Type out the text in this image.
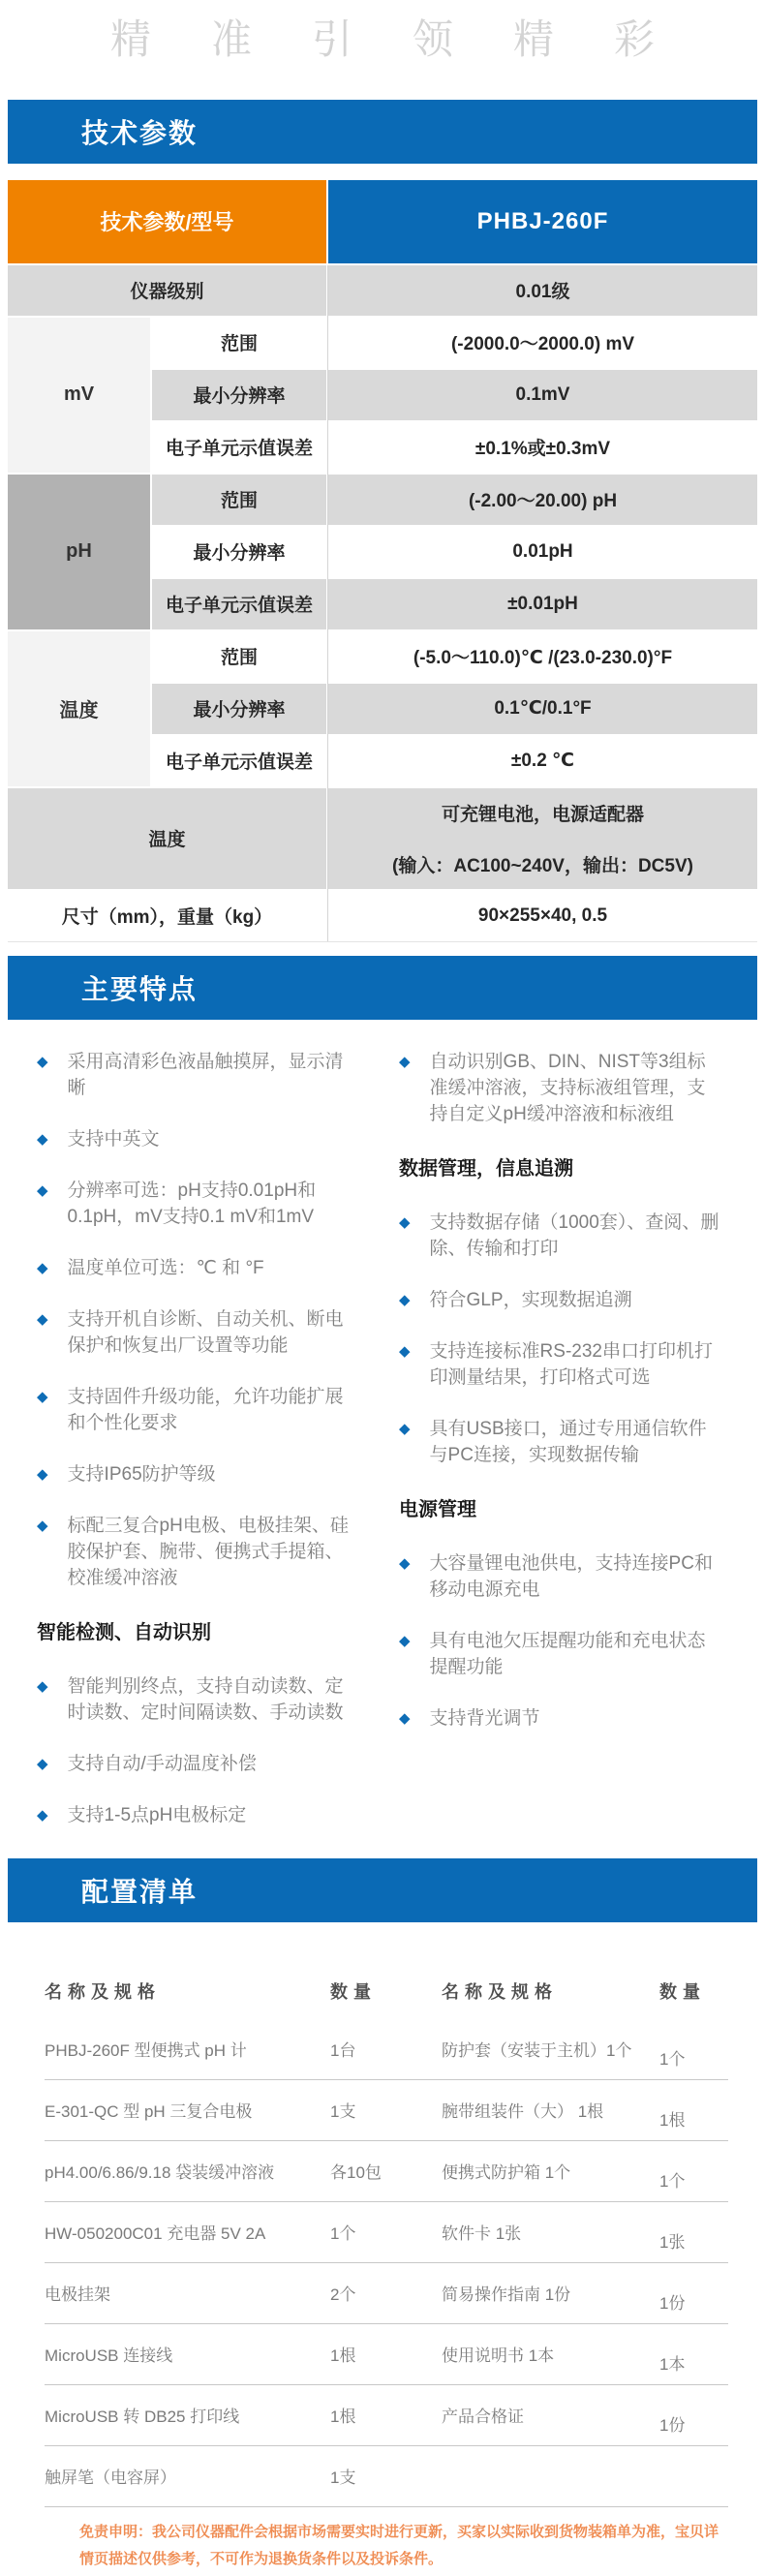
精准引领精彩
技术参数
技术参数/型号	PHBJ-260F
仪器级别	0.01级
mV
范围	(-2000.0～2000.0) mV
最小分辨率	0.1mV
电子单元示值误差	±0.1%或±0.3mV
pH
范围	(-2.00～20.00) pH
最小分辨率	0.01pH
电子单元示值误差	±0.01pH
温度
范围	(-5.0～110.0)℃ /(23.0-230.0)°F
最小分辨率	0.1℃/0.1°F
电子单元示值误差	±0.2 ℃
温度
可充锂电池，电源适配器
(输入：AC100~240V，输出：DC5V)
尺寸（mm），重量（kg）	90×255×40, 0.5
主要特点
◆ 采用高清彩色液晶触摸屏，显示清晰
◆ 支持中英文
◆ 分辨率可选：pH支持0.01pH和0.1pH，mV支持0.1 mV和1mV
◆ 温度单位可选：℃ 和 °F
◆ 支持开机自诊断、自动关机、断电保护和恢复出厂设置等功能
◆ 支持固件升级功能，允许功能扩展和个性化要求
◆ 支持IP65防护等级
◆ 标配三复合pH电极、电极挂架、硅胶保护套、腕带、便携式手提箱、校准缓冲溶液
智能检测、自动识别
◆ 智能判别终点，支持自动读数、定时读数、定时间隔读数、手动读数
◆ 支持自动/手动温度补偿
◆ 支持1-5点pH电极标定
◆ 自动识别GB、DIN、NIST等3组标准缓冲溶液，支持标液组管理，支持自定义pH缓冲溶液和标液组
数据管理，信息追溯
◆ 支持数据存储（1000套）、查阅、删除、传输和打印
◆ 符合GLP，实现数据追溯
◆ 支持连接标准RS-232串口打印机打印测量结果，打印格式可选
◆ 具有USB接口，通过专用通信软件与PC连接，实现数据传输
电源管理
◆ 大容量锂电池供电，支持连接PC和移动电源充电
◆ 具有电池欠压提醒功能和充电状态提醒功能
◆ 支持背光调节
配置清单
名称及规格	数量	名称及规格	数量
PHBJ-260F 型便携式 pH 计	1台	防护套（安装于主机）1个	1个
E-301-QC 型 pH 三复合电极	1支	腕带组装件（大） 1根	1根
pH4.00/6.86/9.18 袋装缓冲溶液	各10包	便携式防护箱 1个	1个
HW-050200C01 充电器 5V 2A	1个	软件卡 1张	1张
电极挂架	2个	简易操作指南 1份	1份
MicroUSB 连接线	1根	使用说明书 1本	1本
MicroUSB 转 DB25 打印线	1根	产品合格证	1份
触屏笔（电容屏）	1支
免责申明：我公司仪器配件会根据市场需要实时进行更新，买家以实际收到货物装箱单为准，宝贝详情页描述仅供参考，不可作为退换货条件以及投诉条件。
